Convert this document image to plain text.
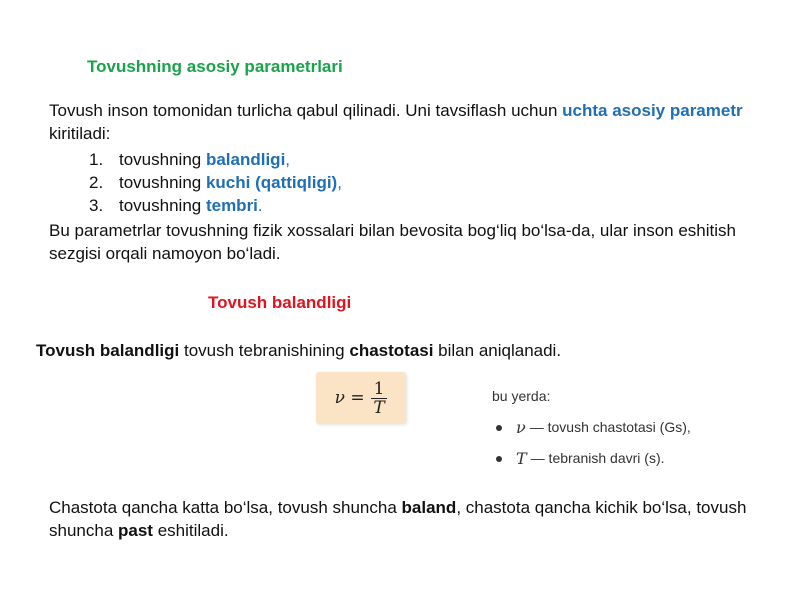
Tovushning asosiy parametrlari
Tovush inson tomonidan turlicha qabul qilinadi. Uni tavsiflash uchun uchta asosiy parametr kiritiladi:
1. tovushning balandligi,
2. tovushning kuchi (qattiqligi),
3. tovushning tembri.
Bu parametrlar tovushning fizik xossalari bilan bevosita bog‘liq bo‘lsa-da, ular inson eshitish sezgisi orqali namoyon bo‘ladi.
Tovush balandligi
Tovush balandligi tovush tebranishining chastotasi bilan aniqlanadi.
$\nu = \frac{1}{T}$	bu yerda:
ν — tovush chastotasi (Gs),
T — tebranish davri (s).
Chastota qancha katta bo‘lsa, tovush shuncha baland, chastota qancha kichik bo‘lsa, tovush shuncha past eshitiladi.
